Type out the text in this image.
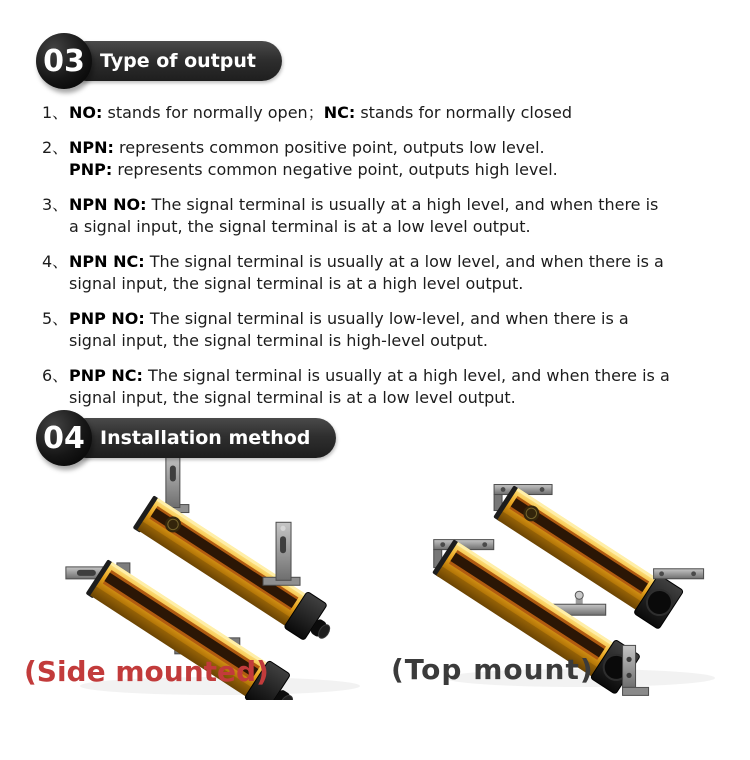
Type of output
03
1、 NO: stands for normally open；NC: stands for normally closed
2、 NPN: represents common positive point, outputs low level.
PNP: represents common negative point, outputs high level.
3、 NPN NO: The signal terminal is usually at a high level, and when there is
a signal input, the signal terminal is at a low level output.
4、 NPN NC: The signal terminal is usually at a low level, and when there is a
signal input, the signal terminal is at a high level output.
5、 PNP NO: The signal terminal is usually low-level, and when there is a
signal input, the signal terminal is high-level output.
6、 PNP NC: The signal terminal is usually at a high level, and when there is a
signal input, the signal terminal is at a low level output.
Installation method
04
(Side mounted)	(Top mount)
